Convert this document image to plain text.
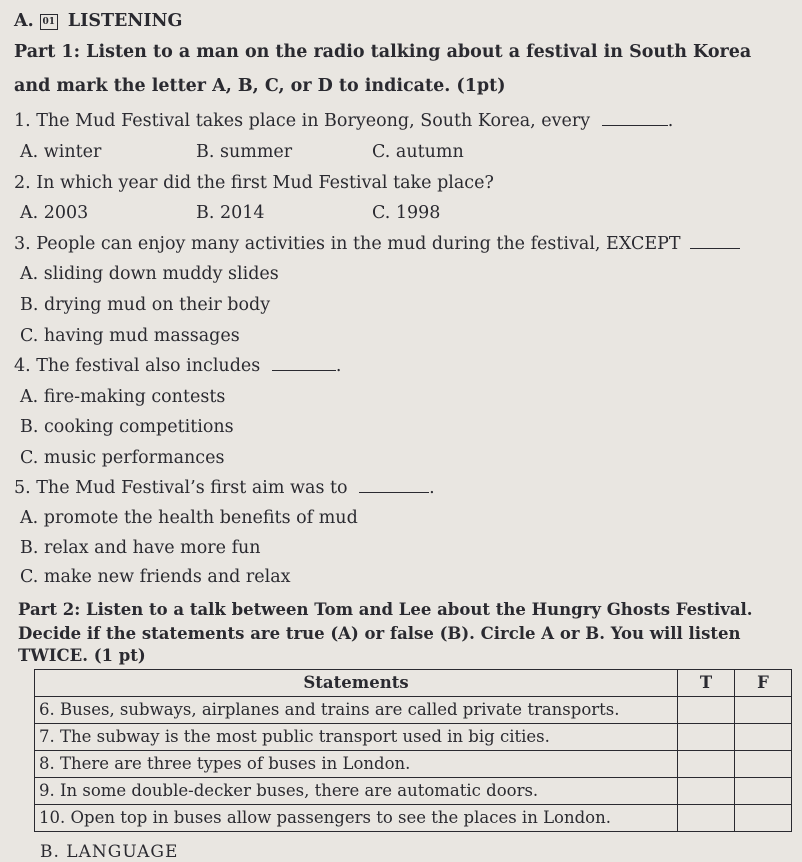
A. 01 LISTENING
Part 1: Listen to a man on the radio talking about a festival in South Korea
and mark the letter A, B, C, or D to indicate. (1pt)
1. The Mud Festival takes place in Boryeong, South Korea, every	.
A. winter	B. summer	C. autumn
2. In which year did the first Mud Festival take place?
A. 2003	B. 2014	C. 1998
3. People can enjoy many activities in the mud during the festival, EXCEPT
A. sliding down muddy slides
B. drying mud on their body
C. having mud massages
4. The festival also includes	.
A. fire-making contests
B. cooking competitions
C. music performances
5. The Mud Festival’s first aim was to	.
A. promote the health benefits of mud
B. relax and have more fun
C. make new friends and relax
Part 2: Listen to a talk between Tom and Lee about the Hungry Ghosts Festival.
Decide if the statements are true (A) or false (B). Circle A or B. You will listen
TWICE. (1 pt)
Statements	T	F
6. Buses, subways, airplanes and trains are called private transports.		
7. The subway is the most public transport used in big cities.		
8. There are three types of buses in London.		
9. In some double-decker buses, there are automatic doors.		
10. Open top in buses allow passengers to see the places in London.		
B. LANGUAGE
